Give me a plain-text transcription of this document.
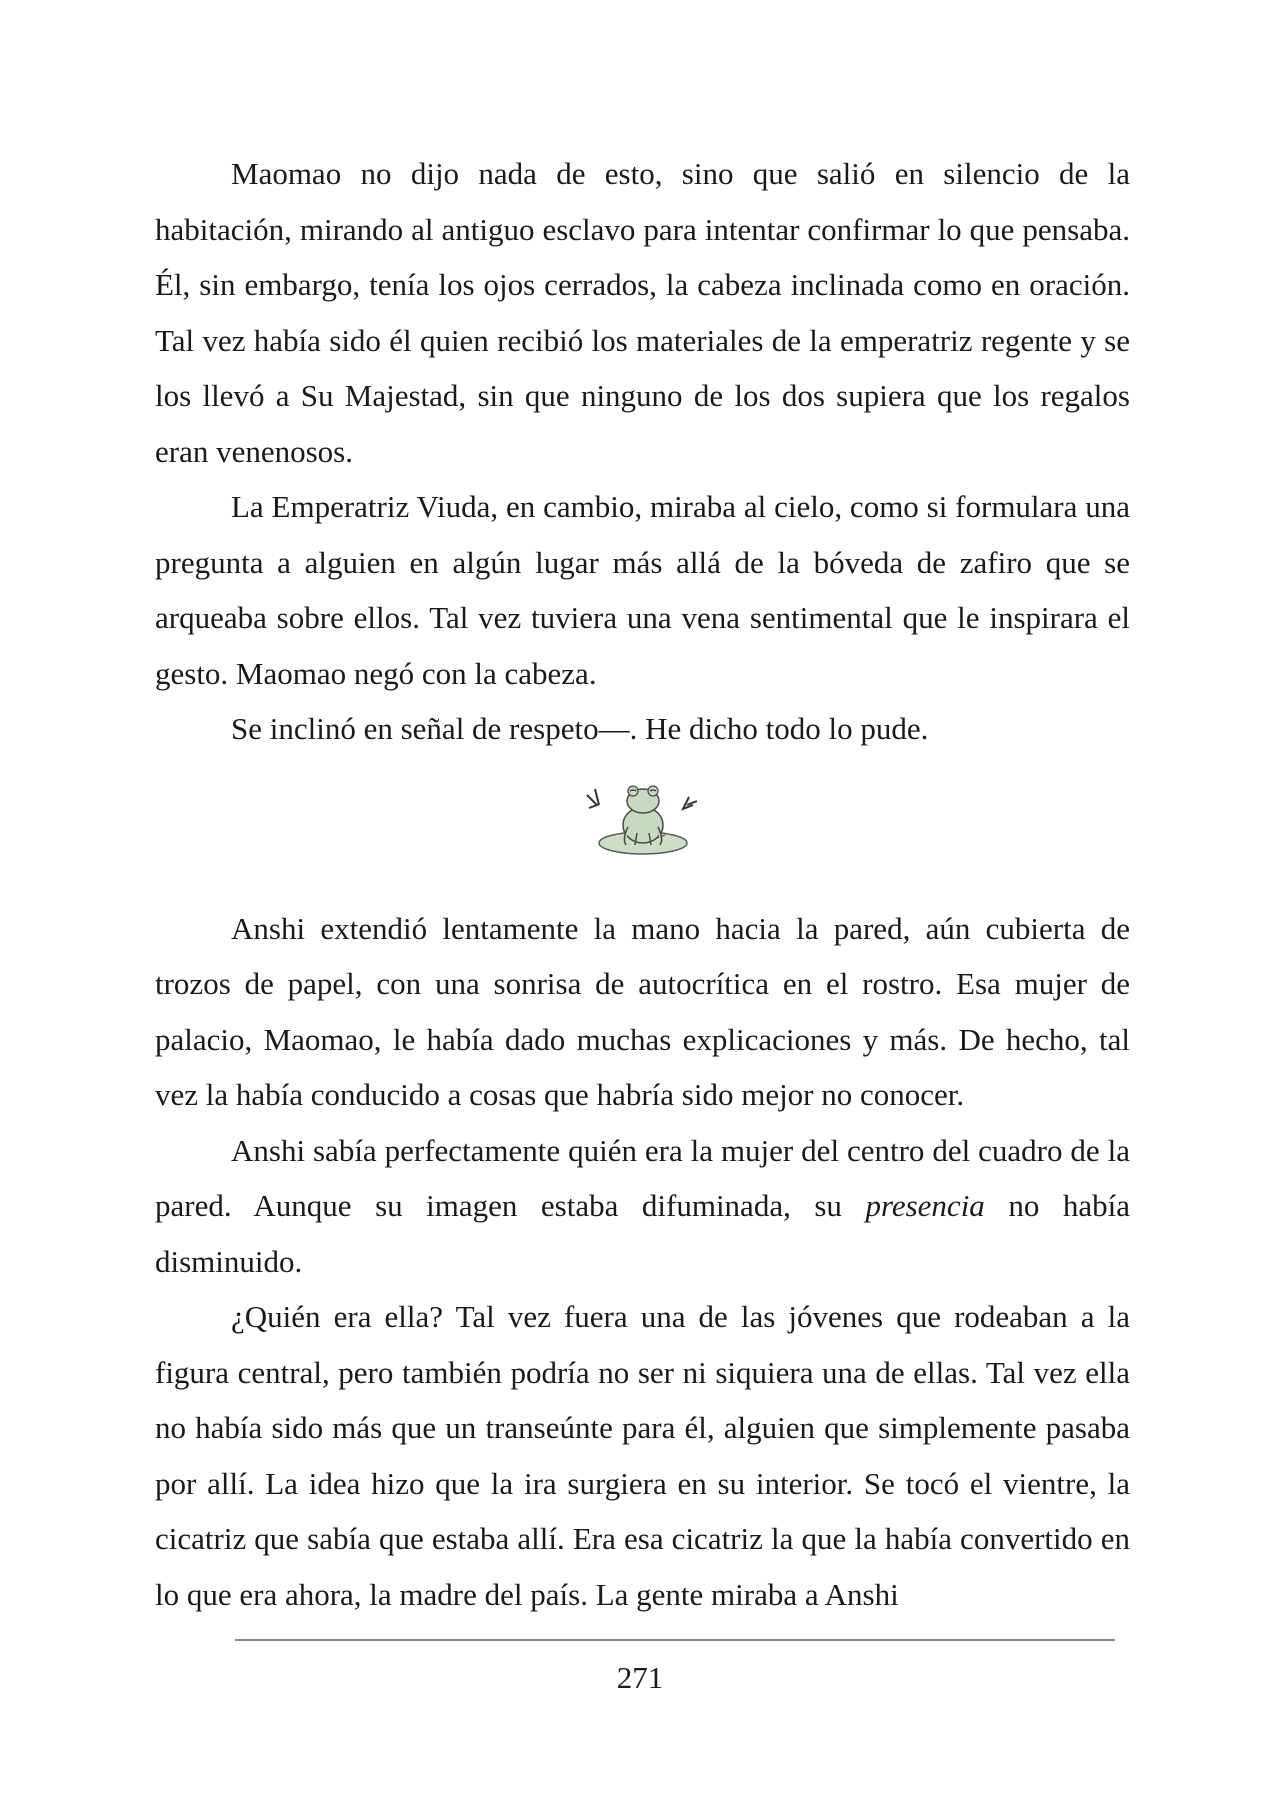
Maomao no dijo nada de esto, sino que salió en silencio de la habitación, mirando al antiguo esclavo para intentar confirmar lo que pensaba. Él, sin embargo, tenía los ojos cerrados, la cabeza inclinada como en oración. Tal vez había sido él quien recibió los materiales de la emperatriz regente y se los llevó a Su Majestad, sin que ninguno de los dos supiera que los regalos eran venenosos.

La Emperatriz Viuda, en cambio, miraba al cielo, como si formulara una pregunta a alguien en algún lugar más allá de la bóveda de zafiro que se arqueaba sobre ellos. Tal vez tuviera una vena sentimental que le inspirara el gesto. Maomao negó con la cabeza.

Se inclinó en señal de respeto—. He dicho todo lo pude.

Anshi extendió lentamente la mano hacia la pared, aún cubierta de trozos de papel, con una sonrisa de autocrítica en el rostro. Esa mujer de palacio, Maomao, le había dado muchas explicaciones y más. De hecho, tal vez la había conducido a cosas que habría sido mejor no conocer.

Anshi sabía perfectamente quién era la mujer del centro del cuadro de la pared. Aunque su imagen estaba difuminada, su presencia no había disminuido.

¿Quién era ella? Tal vez fuera una de las jóvenes que rodeaban a la figura central, pero también podría no ser ni siquiera una de ellas. Tal vez ella no había sido más que un transeúnte para él, alguien que simplemente pasaba por allí. La idea hizo que la ira surgiera en su interior. Se tocó el vientre, la cicatriz que sabía que estaba allí. Era esa cicatriz la que la había convertido en lo que era ahora, la madre del país. La gente miraba a Anshi

271
